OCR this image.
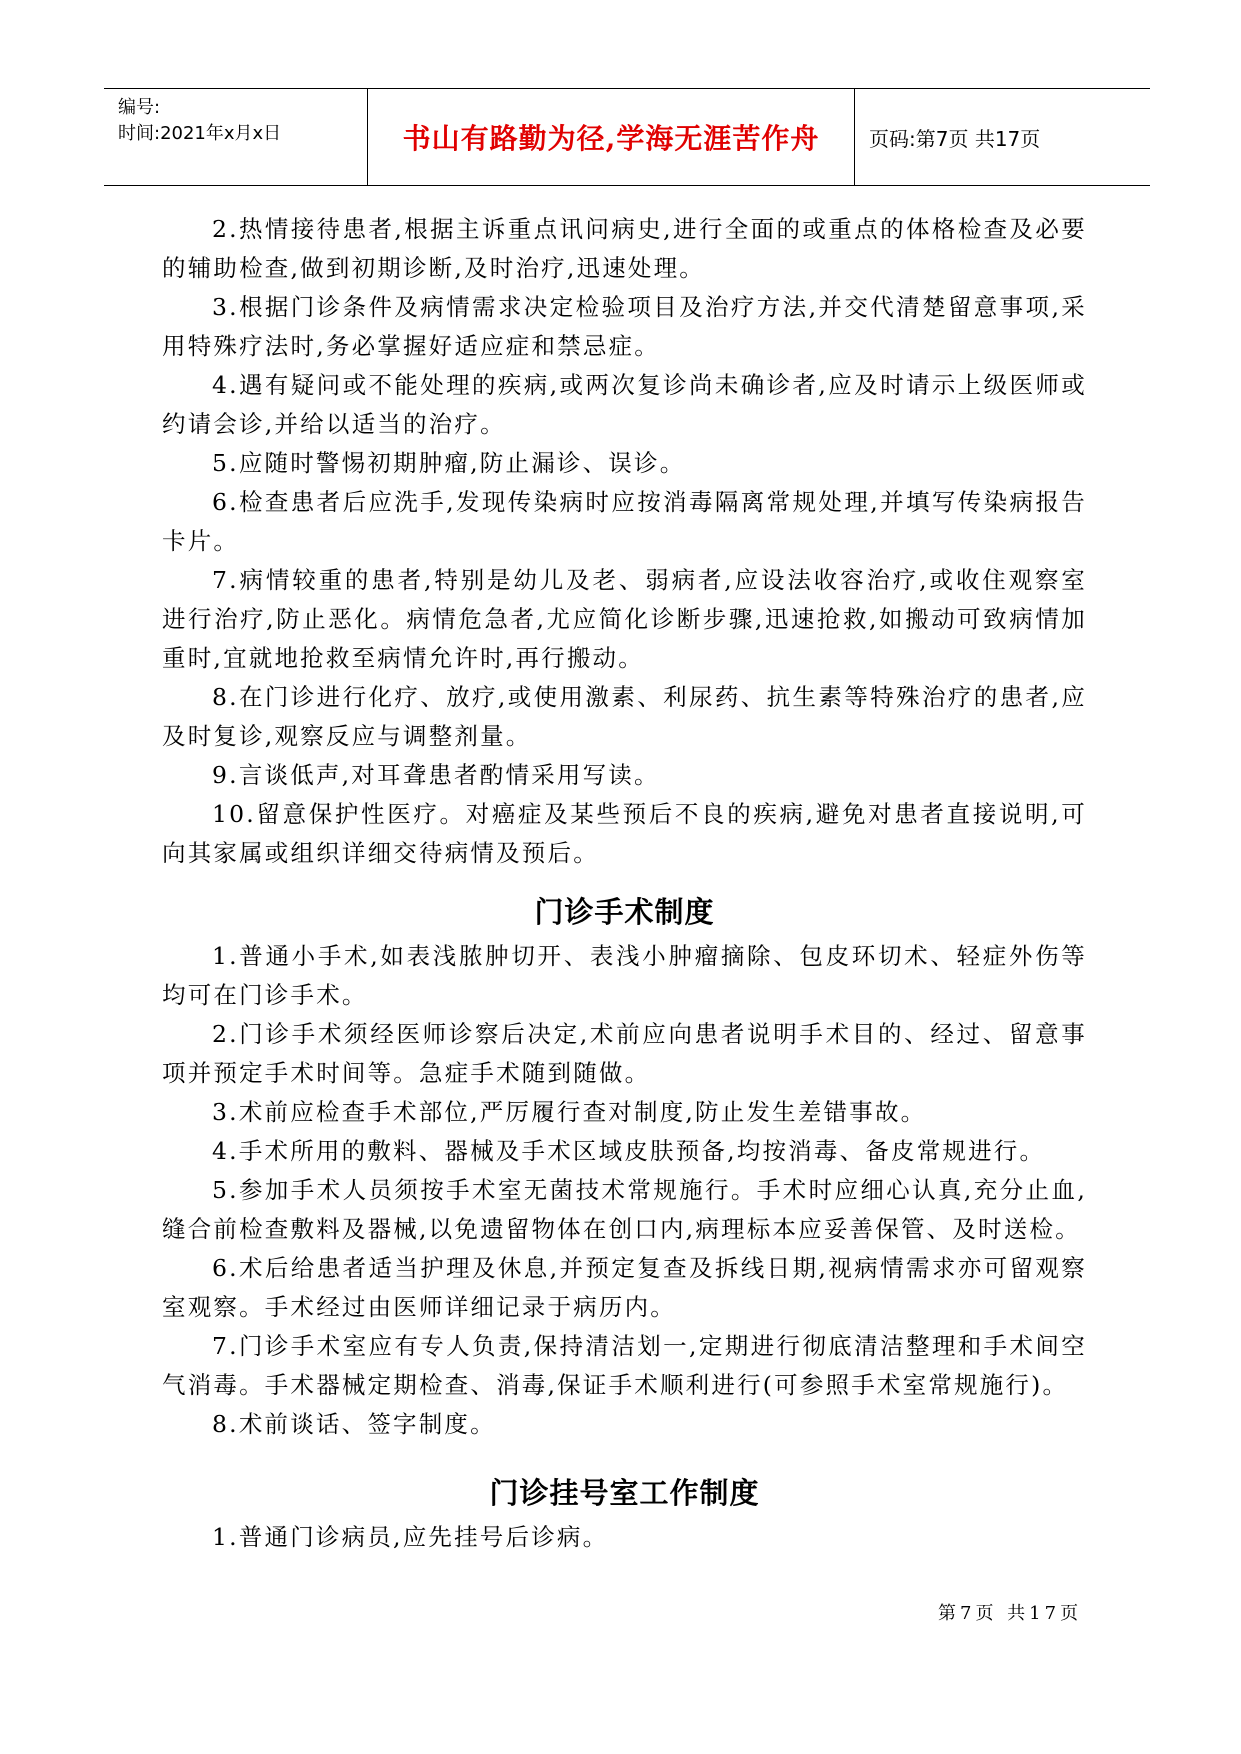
编号:
时间:2021年x月x日	书山有路勤为径,学海无涯苦作舟	页码:第7页 共17页

2.热情接待患者,根据主诉重点讯问病史,进行全面的或重点的体格检查及必要的辅助检查,做到初期诊断,及时治疗,迅速处理。

3.根据门诊条件及病情需求决定检验项目及治疗方法,并交代清楚留意事项,采用特殊疗法时,务必掌握好适应症和禁忌症。

4.遇有疑问或不能处理的疾病,或两次复诊尚未确诊者,应及时请示上级医师或约请会诊,并给以适当的治疗。

5.应随时警惕初期肿瘤,防止漏诊、误诊。

6.检查患者后应洗手,发现传染病时应按消毒隔离常规处理,并填写传染病报告卡片。

7.病情较重的患者,特别是幼儿及老、弱病者,应设法收容治疗,或收住观察室进行治疗,防止恶化。病情危急者,尤应简化诊断步骤,迅速抢救,如搬动可致病情加重时,宜就地抢救至病情允许时,再行搬动。

8.在门诊进行化疗、放疗,或使用激素、利尿药、抗生素等特殊治疗的患者,应及时复诊,观察反应与调整剂量。

9.言谈低声,对耳聋患者酌情采用写读。

10.留意保护性医疗。对癌症及某些预后不良的疾病,避免对患者直接说明,可向其家属或组织详细交待病情及预后。

门诊手术制度

1.普通小手术,如表浅脓肿切开、表浅小肿瘤摘除、包皮环切术、轻症外伤等均可在门诊手术。

2.门诊手术须经医师诊察后决定,术前应向患者说明手术目的、经过、留意事项并预定手术时间等。急症手术随到随做。

3.术前应检查手术部位,严厉履行查对制度,防止发生差错事故。

4.手术所用的敷料、器械及手术区域皮肤预备,均按消毒、备皮常规进行。

5.参加手术人员须按手术室无菌技术常规施行。手术时应细心认真,充分止血,缝合前检查敷料及器械,以免遗留物体在创口内,病理标本应妥善保管、及时送检。

6.术后给患者适当护理及休息,并预定复查及拆线日期,视病情需求亦可留观察室观察。手术经过由医师详细记录于病历内。

7.门诊手术室应有专人负责,保持清洁划一,定期进行彻底清洁整理和手术间空气消毒。手术器械定期检查、消毒,保证手术顺利进行(可参照手术室常规施行)。

8.术前谈话、签字制度。

门诊挂号室工作制度

1.普通门诊病员,应先挂号后诊病。

第7页 共17页
